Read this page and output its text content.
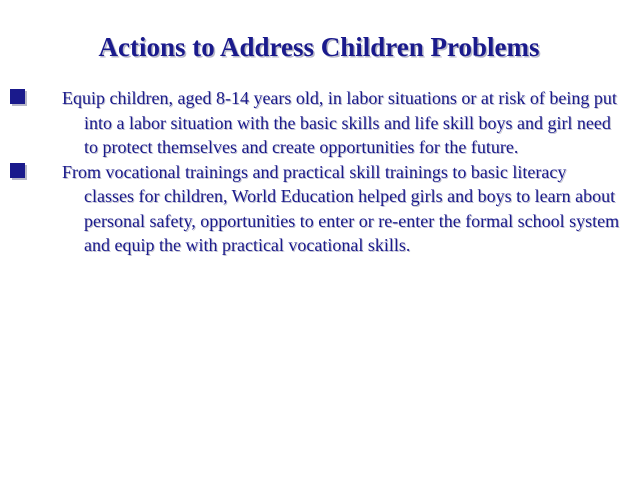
Actions to Address Children Problems
Equip children, aged 8-14 years old, in labor situations or at risk of being put into a labor situation with the basic skills and life skill boys and girl need to protect themselves and create opportunities for the future.
From vocational trainings and practical skill trainings to basic literacy classes for children, World Education helped girls and boys to learn about personal safety, opportunities to enter or re-enter the formal school system and equip the with practical vocational skills.
